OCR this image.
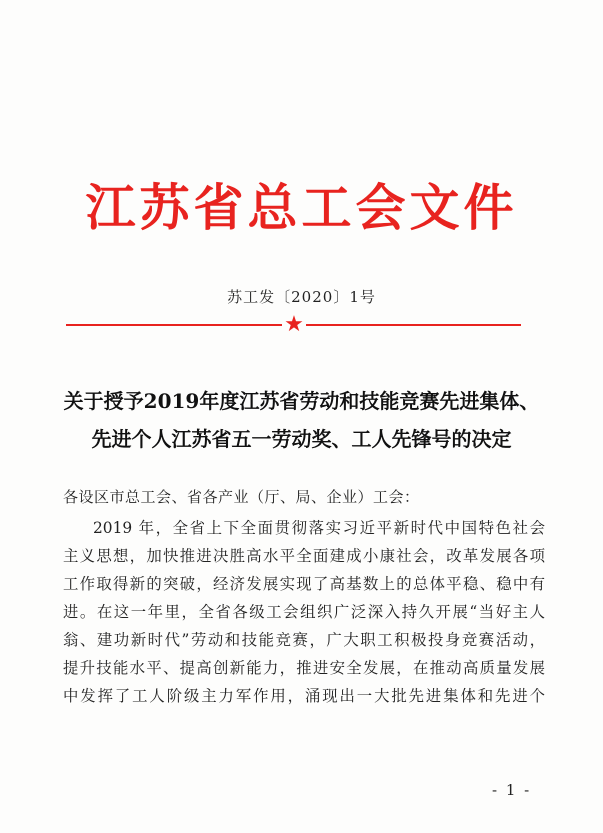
江苏省总工会文件
苏工发〔2020〕1号
★
关于授予2019年度江苏省劳动和技能竞赛先进集体、
先进个人江苏省五一劳动奖、工人先锋号的决定
各设区市总工会、省各产业（厅、局、企业）工会：
2019 年，全省上下全面贯彻落实习近平新时代中国特色社会
主义思想，加快推进决胜高水平全面建成小康社会，改革发展各项
工作取得新的突破，经济发展实现了高基数上的总体平稳、稳中有
进。在这一年里，全省各级工会组织广泛深入持久开展“当好主人
翁、建功新时代”劳动和技能竞赛，广大职工积极投身竞赛活动，
提升技能水平、提高创新能力，推进安全发展，在推动高质量发展
中发挥了工人阶级主力军作用，涌现出一大批先进集体和先进个
- 1 -
